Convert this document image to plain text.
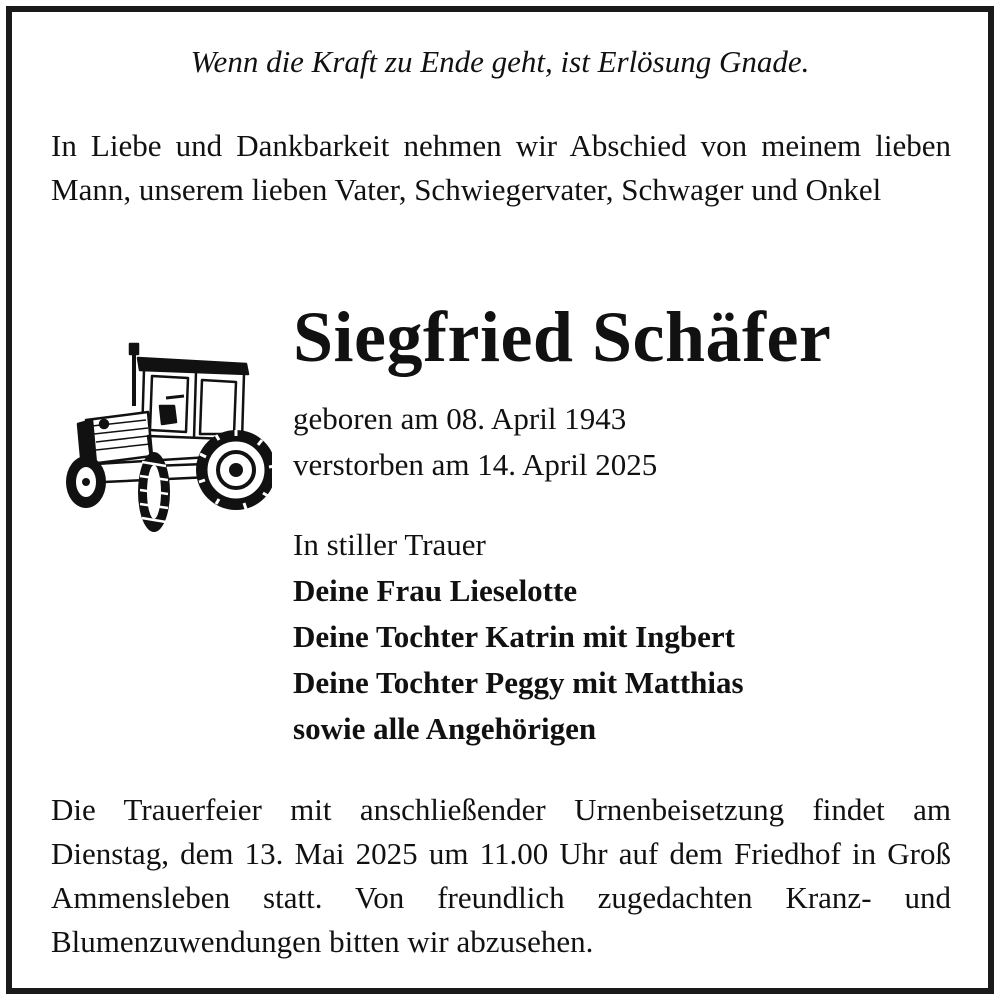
Wenn die Kraft zu Ende geht, ist Erlösung Gnade.

In Liebe und Dankbarkeit nehmen wir Abschied von meinem lieben Mann, unserem lieben Vater, Schwiegervater, Schwager und Onkel

Siegfried Schäfer
geboren am 08. April 1943
verstorben am 14. April 2025
In stiller Trauer
Deine Frau Lieselotte
Deine Tochter Katrin mit Ingbert
Deine Tochter Peggy mit Matthias
sowie alle Angehörigen

Die Trauerfeier mit anschließender Urnenbeisetzung findet am Dienstag, dem 13. Mai 2025 um 11.00 Uhr auf dem Friedhof in Groß Ammensleben statt. Von freundlich zugedachten Kranz- und Blumenzuwendungen bitten wir abzusehen.
